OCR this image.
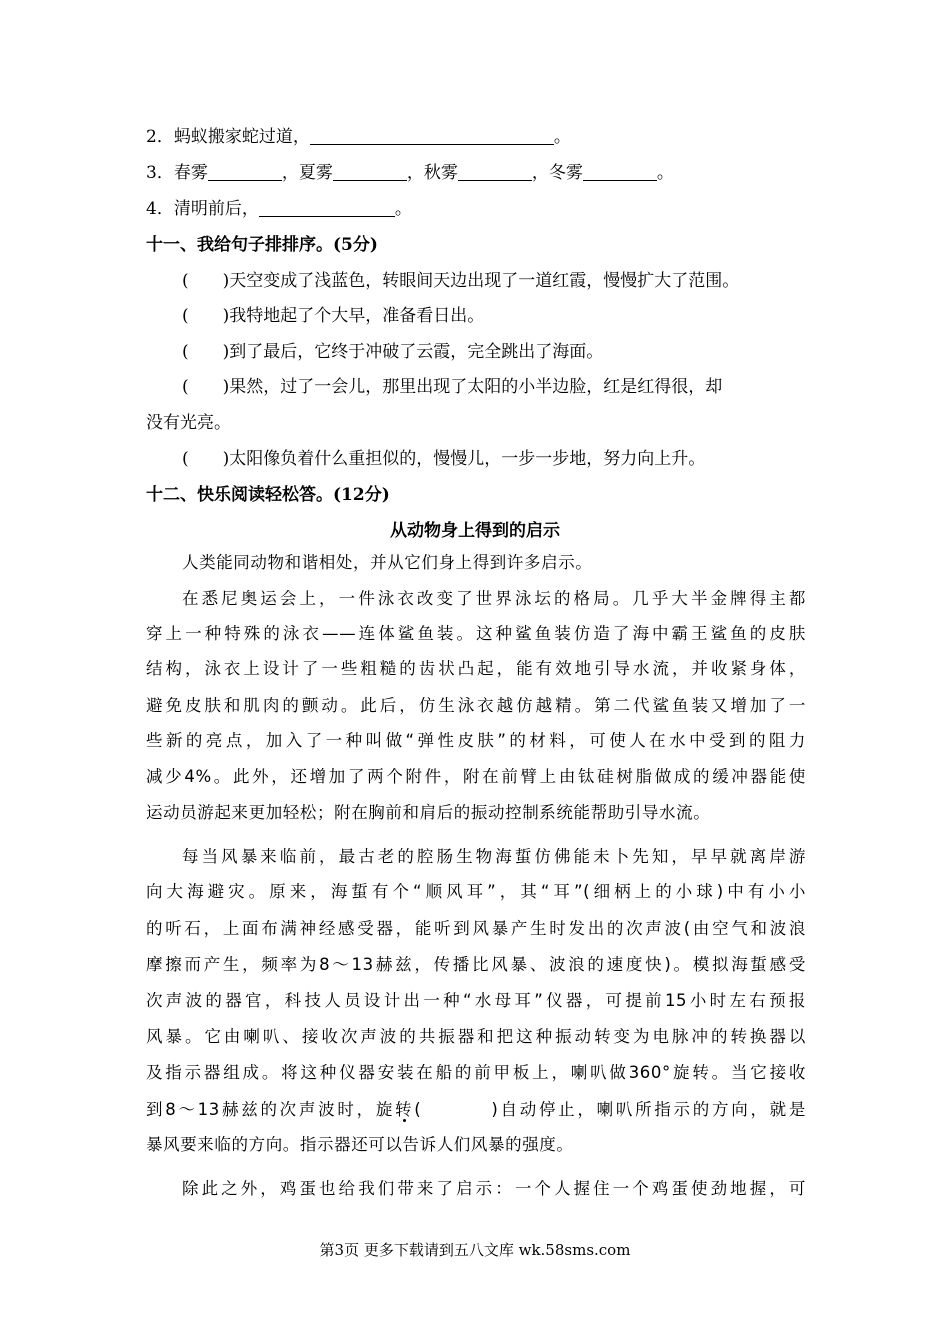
2．蚂蚁搬家蛇过道，	。
3．春雾	，夏雾	，秋雾	，冬雾	。
4．清明前后，	。
十一、我给句子排排序。(5分)
( )天空变成了浅蓝色，转眼间天边出现了一道红霞，慢慢扩大了范围。
( )我特地起了个大早，准备看日出。
( )到了最后，它终于冲破了云霞，完全跳出了海面。
( )果然，过了一会儿，那里出现了太阳的小半边脸，红是红得很，却
没有光亮。
( )太阳像负着什么重担似的，慢慢儿，一步一步地，努力向上升。
十二、快乐阅读轻松答。(12分)
从动物身上得到的启示
人类能同动物和谐相处，并从它们身上得到许多启示。
在悉尼奥运会上，一件泳衣改变了世界泳坛的格局。几乎大半金牌得主都
穿上一种特殊的泳衣——连体鲨鱼装。这种鲨鱼装仿造了海中霸王鲨鱼的皮肤
结构，泳衣上设计了一些粗糙的齿状凸起，能有效地引导水流，并收紧身体，
避免皮肤和肌肉的颤动。此后，仿生泳衣越仿越精。第二代鲨鱼装又增加了一
些新的亮点，加入了一种叫做“弹性皮肤”的材料，可使人在水中受到的阻力
减少4%。此外，还增加了两个附件，附在前臂上由钛硅树脂做成的缓冲器能使
运动员游起来更加轻松；附在胸前和肩后的振动控制系统能帮助引导水流。
每当风暴来临前，最古老的腔肠生物海蜇仿佛能未卜先知，早早就离岸游
向大海避灾。原来，海蜇有个“顺风耳”，其“耳”(细柄上的小球)中有小小
的听石，上面布满神经感受器，能听到风暴产生时发出的次声波(由空气和波浪
摩擦而产生，频率为8～13赫兹，传播比风暴、波浪的速度快)。模拟海蜇感受
次声波的器官，科技人员设计出一种“水母耳”仪器，可提前15小时左右预报
风暴。它由喇叭、接收次声波的共振器和把这种振动转变为电脉冲的转换器以
及指示器组成。将这种仪器安装在船的前甲板上，喇叭做360°旋转。当它接收
到8～13赫兹的次声波时，旋转(	)自动停止，喇叭所指示的方向，就是
暴风要来临的方向。指示器还可以告诉人们风暴的强度。
除此之外，鸡蛋也给我们带来了启示：一个人握住一个鸡蛋使劲地握，可
第3页 更多下载请到五八文库 wk.58sms.com
